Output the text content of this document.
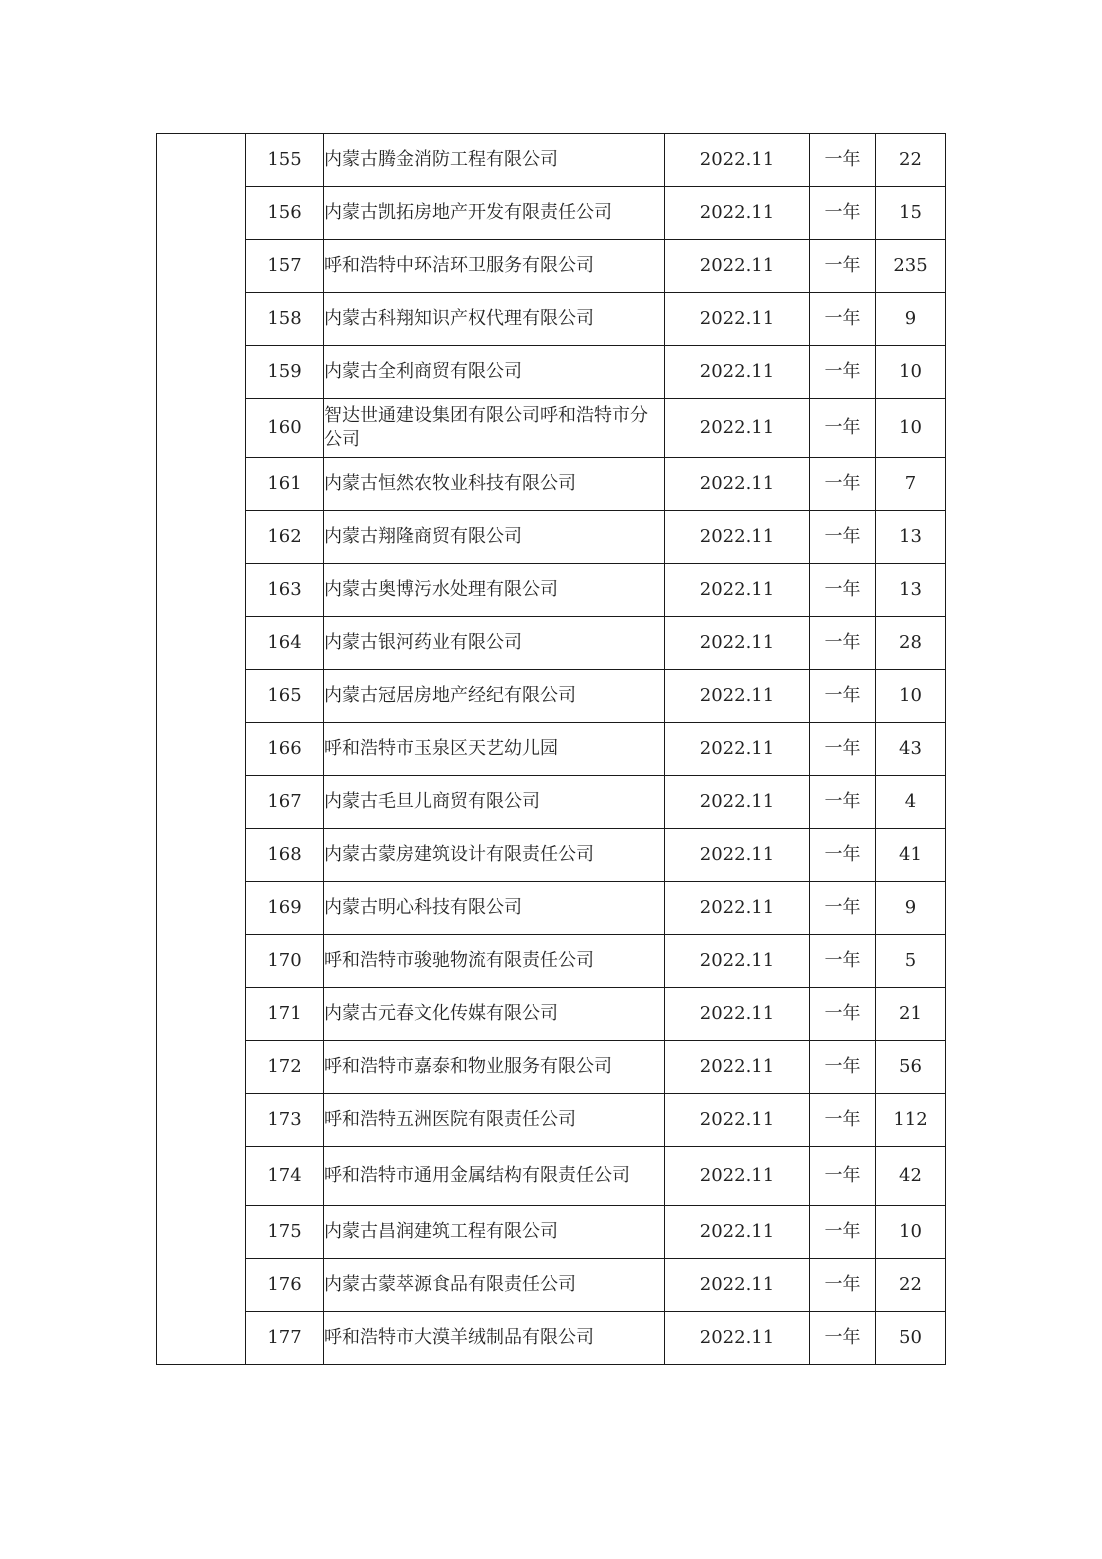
	155	内蒙古腾金消防工程有限公司	2022.11	一年	22
	156	内蒙古凯拓房地产开发有限责任公司	2022.11	一年	15
	157	呼和浩特中环洁环卫服务有限公司	2022.11	一年	235
	158	内蒙古科翔知识产权代理有限公司	2022.11	一年	9
	159	内蒙古全利商贸有限公司	2022.11	一年	10
	160	智达世通建设集团有限公司呼和浩特市分公司	2022.11	一年	10
	161	内蒙古恒然农牧业科技有限公司	2022.11	一年	7
	162	内蒙古翔隆商贸有限公司	2022.11	一年	13
	163	内蒙古奥博污水处理有限公司	2022.11	一年	13
	164	内蒙古银河药业有限公司	2022.11	一年	28
	165	内蒙古冠居房地产经纪有限公司	2022.11	一年	10
	166	呼和浩特市玉泉区天艺幼儿园	2022.11	一年	43
	167	内蒙古毛旦儿商贸有限公司	2022.11	一年	4
	168	内蒙古蒙房建筑设计有限责任公司	2022.11	一年	41
	169	内蒙古明心科技有限公司	2022.11	一年	9
	170	呼和浩特市骏驰物流有限责任公司	2022.11	一年	5
	171	内蒙古元春文化传媒有限公司	2022.11	一年	21
	172	呼和浩特市嘉泰和物业服务有限公司	2022.11	一年	56
	173	呼和浩特五洲医院有限责任公司	2022.11	一年	112
	174	呼和浩特市通用金属结构有限责任公司	2022.11	一年	42
	175	内蒙古昌润建筑工程有限公司	2022.11	一年	10
	176	内蒙古蒙萃源食品有限责任公司	2022.11	一年	22
	177	呼和浩特市大漠羊绒制品有限公司	2022.11	一年	50
